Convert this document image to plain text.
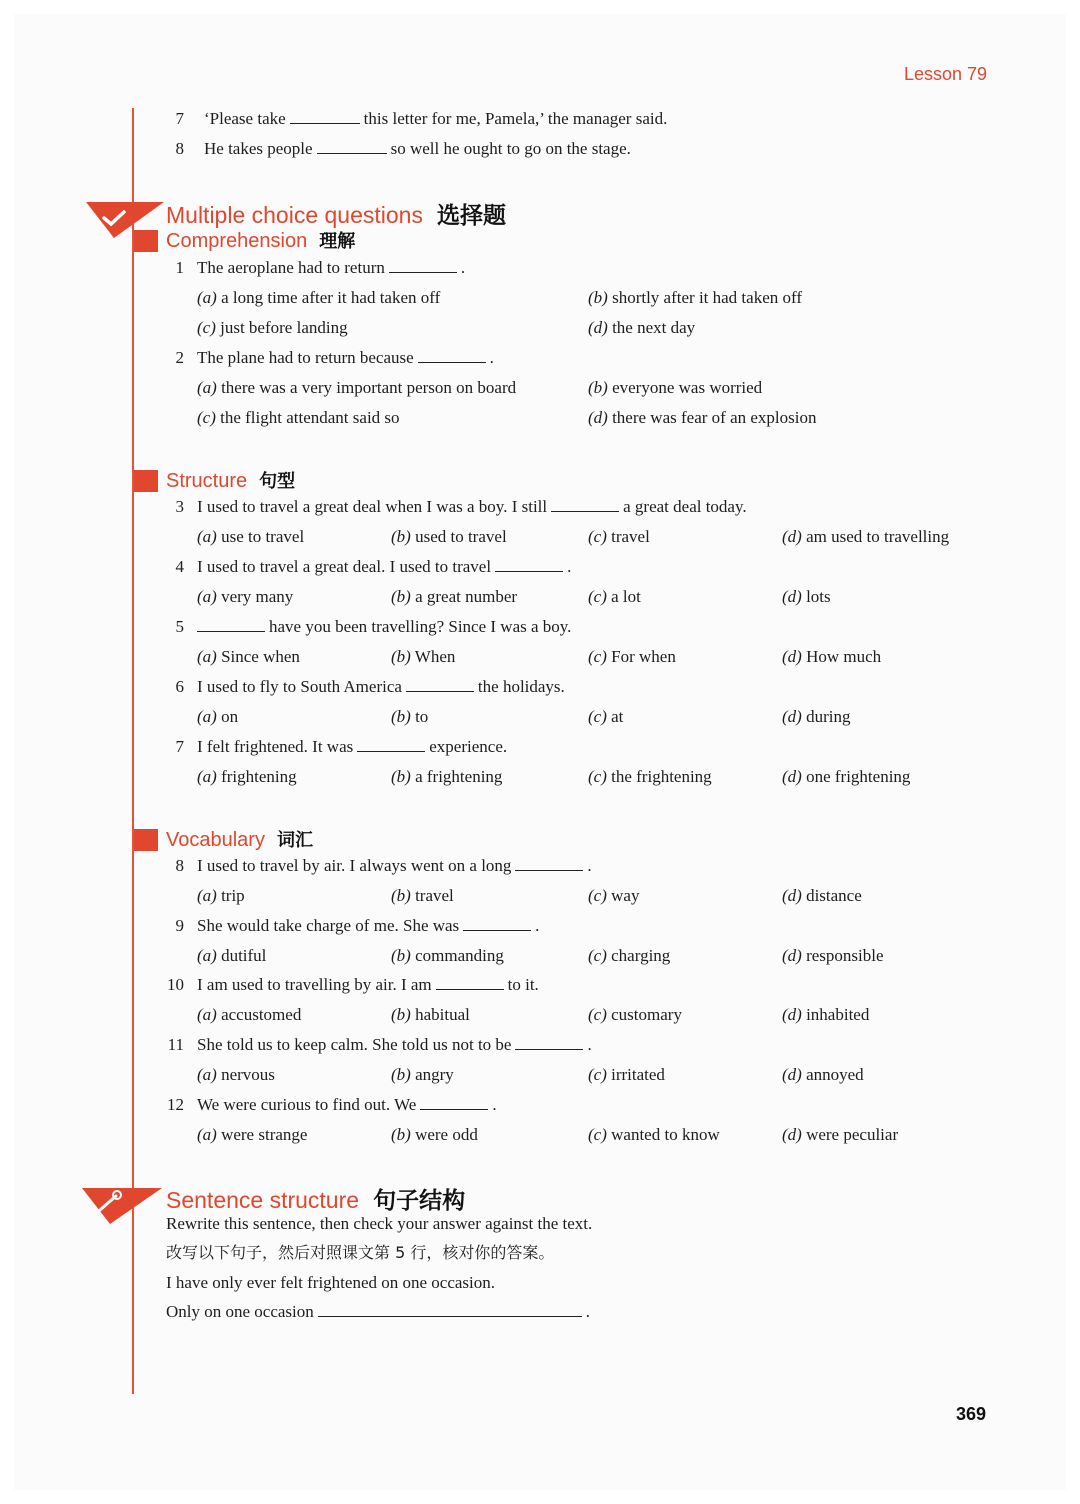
Lesson 79
7 ‘Please take	this letter for me, Pamela,’ the manager said.
8 He takes people	so well he ought to go on the stage.
Multiple choice questions 选择题
Comprehension 理解
1 The aeroplane had to return	.
(a) a long time after it had taken off	(b) shortly after it had taken off
(c) just before landing	(d) the next day
2 The plane had to return because	.
(a) there was a very important person on board	(b) everyone was worried
(c) the flight attendant said so	(d) there was fear of an explosion
Structure 句型
3 I used to travel a great deal when I was a boy. I still	a great deal today.
(a) use to travel	(b) used to travel	(c) travel	(d) am used to travelling
4 I used to travel a great deal. I used to travel	.
(a) very many	(b) a great number	(c) a lot	(d) lots
5	have you been travelling? Since I was a boy.
(a) Since when	(b) When	(c) For when	(d) How much
6 I used to fly to South America	the holidays.
(a) on	(b) to	(c) at	(d) during
7 I felt frightened. It was	experience.
(a) frightening	(b) a frightening	(c) the frightening	(d) one frightening
Vocabulary 词汇
8 I used to travel by air. I always went on a long	.
(a) trip	(b) travel	(c) way	(d) distance
9 She would take charge of me. She was	.
(a) dutiful	(b) commanding	(c) charging	(d) responsible
10 I am used to travelling by air. I am	to it.
(a) accustomed	(b) habitual	(c) customary	(d) inhabited
11 She told us to keep calm. She told us not to be	.
(a) nervous	(b) angry	(c) irritated	(d) annoyed
12 We were curious to find out. We	.
(a) were strange	(b) were odd	(c) wanted to know	(d) were peculiar
Sentence structure 句子结构
Rewrite this sentence, then check your answer against the text.
改写以下句子，然后对照课文第 5 行，核对你的答案。
I have only ever felt frightened on one occasion.
Only on one occasion	.
369
